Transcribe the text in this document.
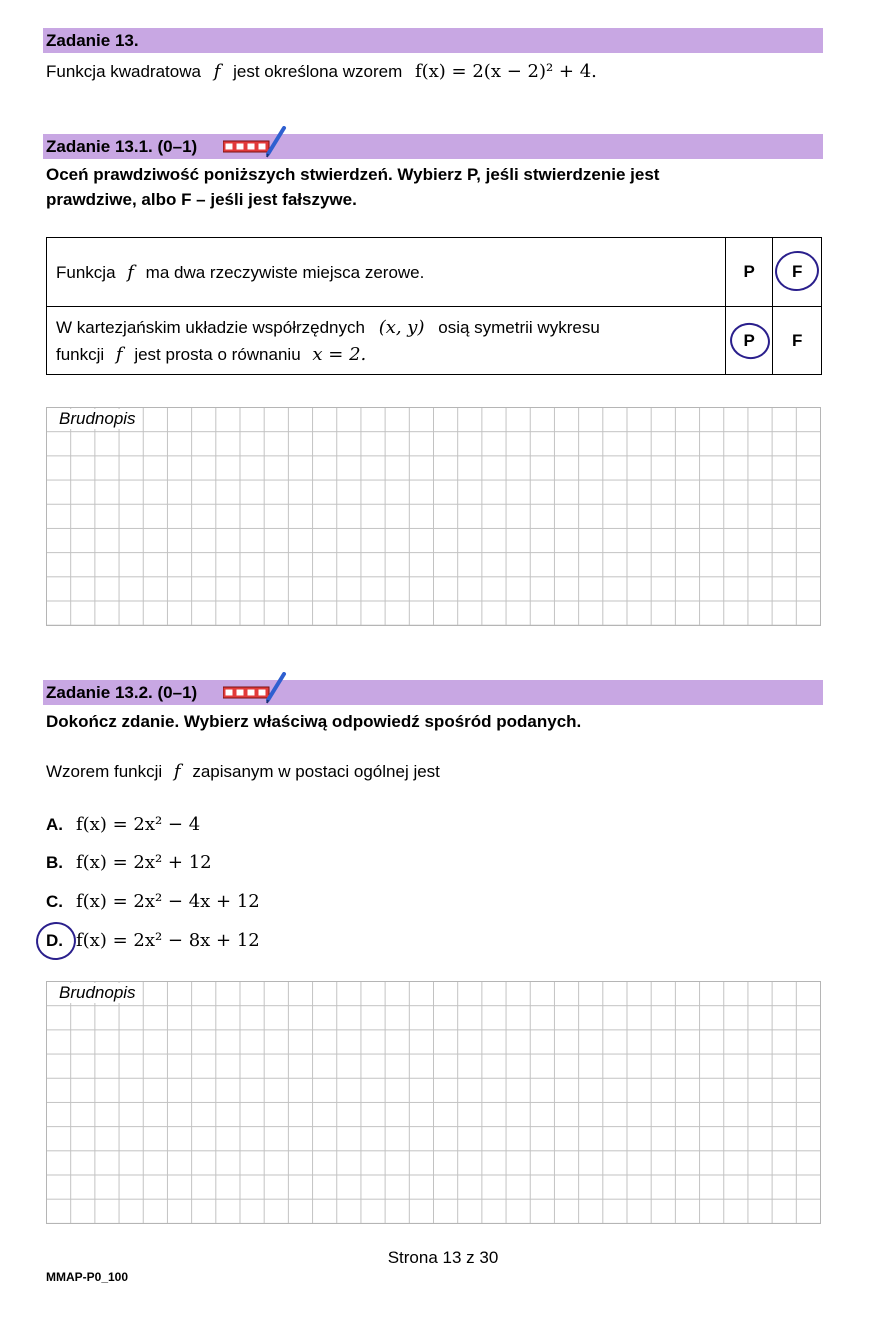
Zadanie 13.
Funkcja kwadratowa f jest określona wzorem f(x) = 2(x − 2)² + 4.
Zadanie 13.1. (0–1)
Oceń prawdziwość poniższych stwierdzeń. Wybierz P, jeśli stwierdzenie jest
prawdziwe, albo F – jeśli jest fałszywe.
Funkcja f ma dwa rzeczywiste miejsca zerowe.	P	F

W kartezjańskim układzie współrzędnych (x, y) osią symetrii wykresu
funkcji f jest prosta o równaniu x = 2.	P	F
Brudnopis
Zadanie 13.2. (0–1)
Dokończ zdanie. Wybierz właściwą odpowiedź spośród podanych.
Wzorem funkcji f zapisanym w postaci ogólnej jest
A. f(x) = 2x² − 4
B. f(x) = 2x² + 12
C. f(x) = 2x² − 4x + 12
D. f(x) = 2x² − 8x + 12
Brudnopis
Strona 13 z 30
MMAP-P0_100
